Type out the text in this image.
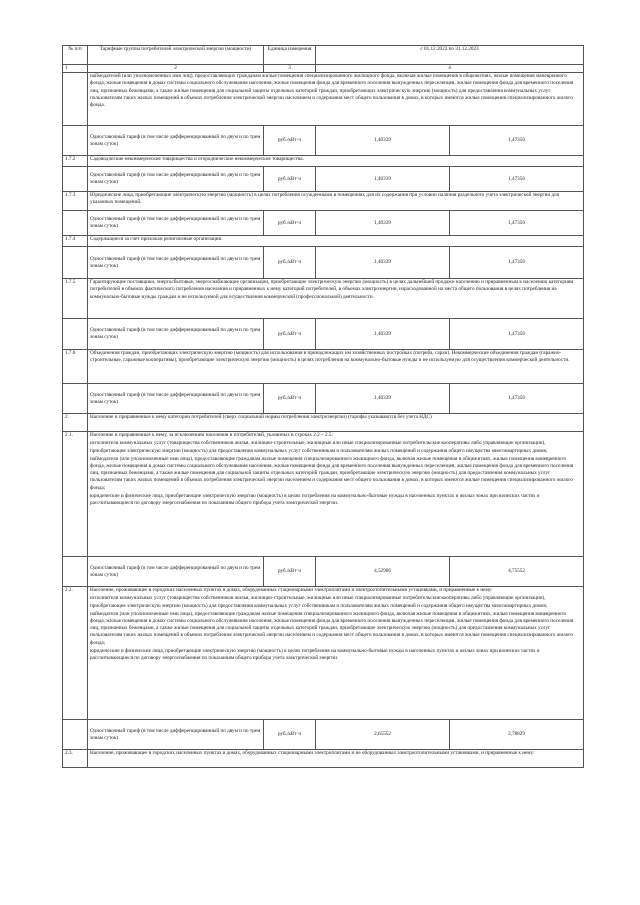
№ п/п	Тарифные группы потребителей электрической энергии (мощности)	Единица измерения	с 01.12.2022 по 31.12.2023	
1	2	3	4	
	наймодателей (или уполномоченных ими лиц), предоставляющих гражданам жилые помещения специализированного жилищного фонда, включая жилые помещения в общежитиях, жилые помещения маневренного фонда, жилые помещения в домах системы социального обслуживания населения, жилые помещения фонда для временного поселения вынужденных переселенцев, жилые помещения фонда для временного поселения лиц, признанных беженцами, а также жилые помещения для социальной защиты отдельных категорий граждан, приобретающих электрическую энергию (мощность) для предоставления коммунальных услуг пользователям таких жилых помещений в объемах потребления электрической энергии населением и содержания мест общего пользования в домах, в которых имеются жилые помещения специализированного жилого фонда.			
	Одноставочный тариф (в том числе дифференцированный по двум и по трем зонам суток)	руб./кВт·ч	1,40339	1,47356
1.7.2	Садоводческие некоммерческие товарищества и огороднические некоммерческие товарищества.			
	Одноставочный тариф (в том числе дифференцированный по двум и по трем зонам суток)	руб./кВт·ч	1,40339	1,47356
1.7.3	Юридические лица, приобретающие электрическую энергию (мощность) в целях потребления осужденными в помещениях для их содержания при условии наличия раздельного учета электрической энергии для указанных помещений.			
	Одноставочный тариф (в том числе дифференцированный по двум и по трем зонам суток)	руб./кВт·ч	1,40339	1,47356
1.7.4	Содержащиеся за счет прихожан религиозные организации.			
	Одноставочный тариф (в том числе дифференцированный по двум и по трем зонам суток)	руб./кВт·ч	1,40339	1,47356
1.7.5	Гарантирующие поставщики, энергосбытовые, энергоснабжающие организации, приобретающие электрическую энергию (мощность) в целях дальнейшей продажи населению и приравненным к населению категориям потребителей в объемах фактического потребления населения и приравненных к нему категорий потребителей, в объемах электроэнергии, израсходованной на места общего пользования в целях потребления на коммунально-бытовые нужды граждан и не используемой для осуществления коммерческой (профессиональной) деятельности.			
	Одноставочный тариф (в том числе дифференцированный по двум и по трем зонам суток)	руб./кВт·ч	1,40339	1,47356
1.7.6	Объединения граждан, приобретающих электрическую энергию (мощность) для использования в принадлежащих им хозяйственных постройках (погреба, сараи). Некоммерческие объединения граждан (гаражно-строительные, гаражные кооперативы), приобретающие электрическую энергию (мощность) в целях потребления на коммунально-бытовые нужды и не используемую для осуществления коммерческой деятельности.			
	Одноставочный тариф (в том числе дифференцированный по двум и по трем зонам суток)	руб./кВт·ч	1,40339	1,47356
2.	Население и приравненные к нему категории потребителей (сверх социальной нормы потребления электроэнергии) (тарифы указываются без учета НДС)			
2.1.	Население и приравненные к нему, за исключением населения и потребителей, указанных в строках 2.2 – 2.5:
исполнители коммунальных услуг (товарищества собственников жилья, жилищно-строительные, жилищные или иные специализированные потребительские кооперативы либо управляющие организации), приобретающие электрическую энергию (мощность) для предоставления коммунальных услуг собственникам и пользователям жилых помещений и содержания общего имущества многоквартирных домов;
наймодатели (или уполномоченные ими лица), предоставляющие гражданам жилые помещения специализированного жилищного фонда, включая жилые помещения в общежитиях, жилые помещения маневренного фонда, жилые помещения в домах системы социального обслуживания населения, жилые помещения фонда для временного поселения вынужденных переселенцев, жилые помещения фонда для временного поселения лиц, признанных беженцами, а также жилые помещения для социальной защиты отдельных категорий граждан, приобретающие электрическую энергию (мощность) для предоставления коммунальных услуг пользователям таких жилых помещений в объемах потребления электрической энергии населением и содержания мест общего пользования в домах, в которых имеются жилые помещения специализированного жилого фонда;
юридические и физические лица, приобретающие электрическую энергию (мощность) в целях потребления на коммунально-бытовые нужды в населенных пунктах и жилых зонах при воинских частях и рассчитывающиеся по договору энергоснабжения по показаниям общего прибора учета электрической энергии.			

	Одноставочный тариф (в том числе дифференцированный по двум и по трем зонам суток)	руб./кВт·ч	4,52906	4,75552
2.2.	Население, проживающее в городских населенных пунктах в домах, оборудованных стационарными электроплитами и электроотопительными установками, и приравненные к нему:
исполнители коммунальных услуг (товарищества собственников жилья, жилищно-строительные, жилищные или иные специализированные потребительские кооперативы либо управляющие организации), приобретающие электрическую энергию (мощность) для предоставления коммунальных услуг собственникам и пользователям жилых помещений и содержания общего имущества многоквартирных домов;
наймодатели (или уполномоченные ими лица), предоставляющие гражданам жилые помещения специализированного жилищного фонда, включая жилые помещения в общежитиях, жилые помещения маневренного фонда, жилые помещения в домах системы социального обслуживания населения, жилые помещения фонда для временного поселения вынужденных переселенцев, жилые помещения фонда для временного поселения лиц, признанных беженцами, а также жилые помещения для социальной защиты отдельных категорий граждан, приобретающие электрическую энергию (мощность) для предоставления коммунальных услуг пользователям таких жилых помещений в объемах потребления электрической энергии населением и содержания мест общего пользования в домах, в которых имеются жилые помещения специализированного жилого фонда;
юридические и физические лица, приобретающие электрическую энергию (мощность) в целях потребления на коммунально-бытовые нужды в населенных пунктах и жилых зонах при воинских частях и рассчитывающиеся по договору энергоснабжения по показаниям общего прибора учета электрической энергии.			

	Одноставочный тариф (в том числе дифференцированный по двум и по трем зонам суток)	руб./кВт·ч	2,65552	2,78829
2.3.	Население, проживающее в городских населенных пунктах в домах, оборудованных стационарными электроплитами и не оборудованных электроотопительными установками, и приравненные к нему:			
